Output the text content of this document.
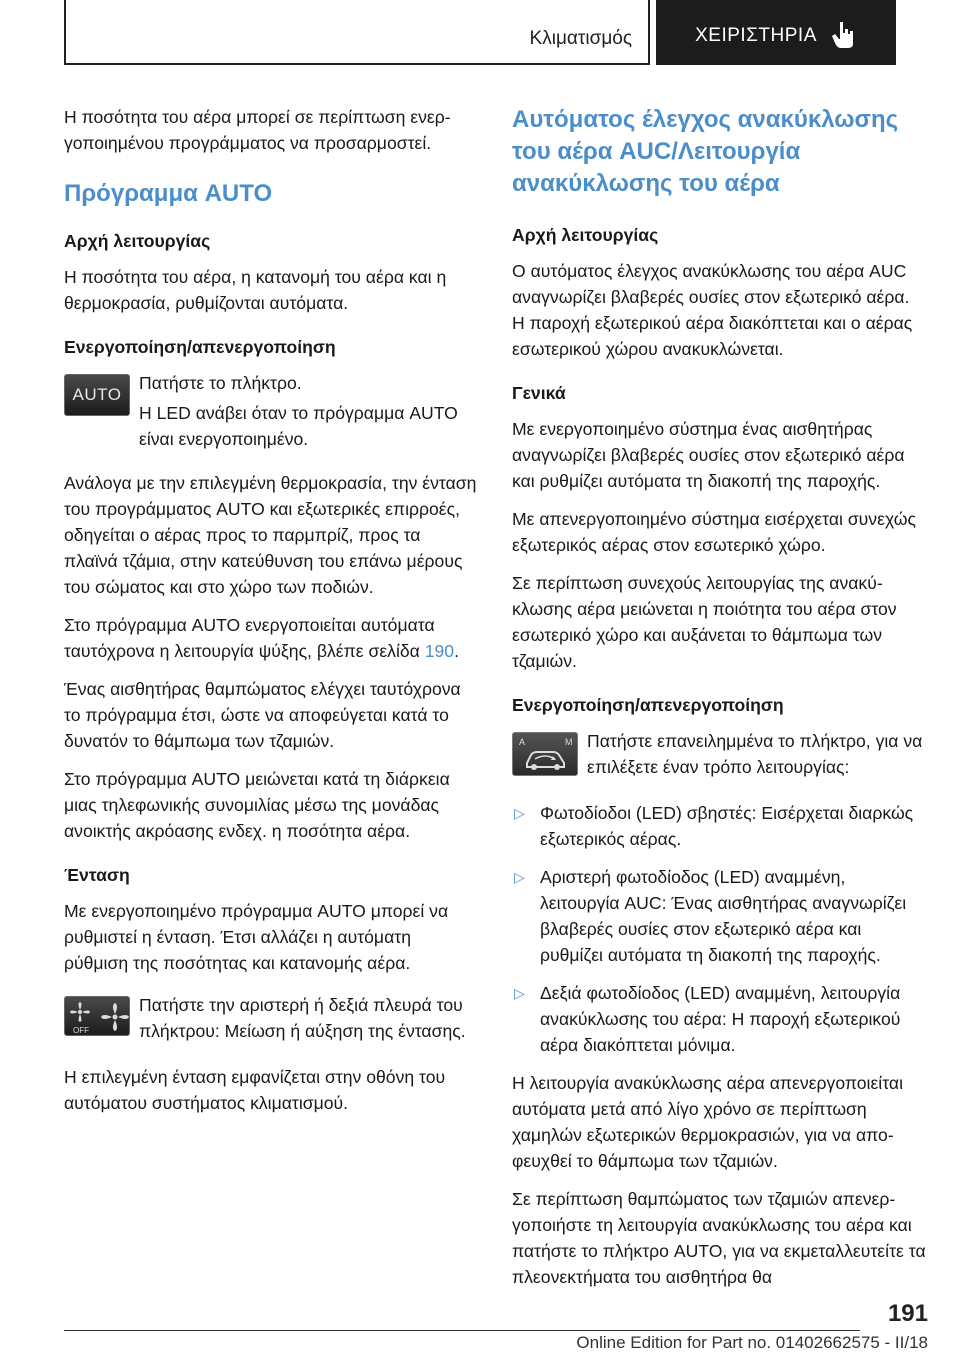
Κλιματισμός	ΧΕΙΡΙΣΤΗΡΙΑ

Η ποσότητα του αέρα μπορεί σε περίπτωση ενεργοποιημένου προγράμματος να προσαρμοστεί.

Πρόγραμμα AUTO
Αρχή λειτουργίας

Η ποσότητα του αέρα, η κατανομή του αέρα και η θερμοκρασία, ρυθμίζονται αυτόματα.

Ενεργοποίηση/απενεργοποίηση
AUTO

Πατήστε το πλήκτρο.

Η LED ανάβει όταν το πρόγραμμα AUTO είναι ενεργοποιημένο.

Ανάλογα με την επιλεγμένη θερμοκρασία, την ένταση του προγράμματος AUTO και εξωτερικές επιρροές, οδηγείται ο αέρας προς το παρμπρίζ, προς τα πλαϊνά τζάμια, στην κατεύθυνση του επάνω μέρους του σώματος και στο χώρο των ποδιών.

Στο πρόγραμμα AUTO ενεργοποιείται αυτόματα ταυτόχρονα η λειτουργία ψύξης, βλέπε σελίδα 190.

Ένας αισθητήρας θαμπώματος ελέγχει ταυτόχρονα το πρόγραμμα έτσι, ώστε να αποφεύγεται κατά το δυνατόν το θάμπωμα των τζαμιών.

Στο πρόγραμμα AUTO μειώνεται κατά τη διάρκεια μιας τηλεφωνικής συνομιλίας μέσω της μονάδας ανοικτής ακρόασης ενδεχ. η ποσότητα αέρα.

Ένταση

Με ενεργοποιημένο πρόγραμμα AUTO μπορεί να ρυθμιστεί η ένταση. Έτσι αλλάζει η αυτόματη ρύθμιση της ποσότητας και κατανομής αέρα.

OFF

Πατήστε την αριστερή ή δεξιά πλευρά του πλήκτρου: Μείωση ή αύξηση της έντασης.

Η επιλεγμένη ένταση εμφανίζεται στην οθόνη του αυτόματου συστήματος κλιματισμού.

Αυτόματος έλεγχος ανακύκλωσης του αέρα AUC/Λειτουργία ανακύκλωσης του αέρα
Αρχή λειτουργίας

Ο αυτόματος έλεγχος ανακύκλωσης του αέρα AUC αναγνωρίζει βλαβερές ουσίες στον εξωτερικό αέρα. Η παροχή εξωτερικού αέρα διακόπτεται και ο αέρας εσωτερικού χώρου ανακυκλώνεται.

Γενικά

Με ενεργοποιημένο σύστημα ένας αισθητήρας αναγνωρίζει βλαβερές ουσίες στον εξωτερικό αέρα και ρυθμίζει αυτόματα τη διακοπή της παροχής.

Με απενεργοποιημένο σύστημα εισέρχεται συνεχώς εξωτερικός αέρας στον εσωτερικό χώρο.

Σε περίπτωση συνεχούς λειτουργίας της ανακύκλωσης αέρα μειώνεται η ποιότητα του αέρα στον εσωτερικό χώρο και αυξάνεται το θάμπωμα των τζαμιών.

Ενεργοποίηση/απενεργοποίηση
A	M Πατήστε επανειλημμένα το πλήκτρο, για να επιλέξετε έναν τρόπο λειτουργίας:

▷ Φωτοδίοδοι (LED) σβηστές: Εισέρχεται διαρκώς εξωτερικός αέρας.
▷ Αριστερή φωτοδίοδος (LED) αναμμένη, λειτουργία AUC: Ένας αισθητήρας αναγνωρίζει βλαβερές ουσίες στον εξωτερικό αέρα και ρυθμίζει αυτόματα τη διακοπή της παροχής.
▷ Δεξιά φωτοδίοδος (LED) αναμμένη, λειτουργία ανακύκλωσης του αέρα: Η παροχή εξωτερικού αέρα διακόπτεται μόνιμα.

Η λειτουργία ανακύκλωσης αέρα απενεργοποιείται αυτόματα μετά από λίγο χρόνο σε περίπτωση χαμηλών εξωτερικών θερμοκρασιών, για να αποφευχθεί το θάμπωμα των τζαμιών.

Σε περίπτωση θαμπώματος των τζαμιών απενεργοποιήστε τη λειτουργία ανακύκλωσης του αέρα και πατήστε το πλήκτρο AUTO, για να εκμεταλλευτείτε τα πλεονεκτήματα του αισθητήρα θα

191
Online Edition for Part no. 01402662575 - II/18
